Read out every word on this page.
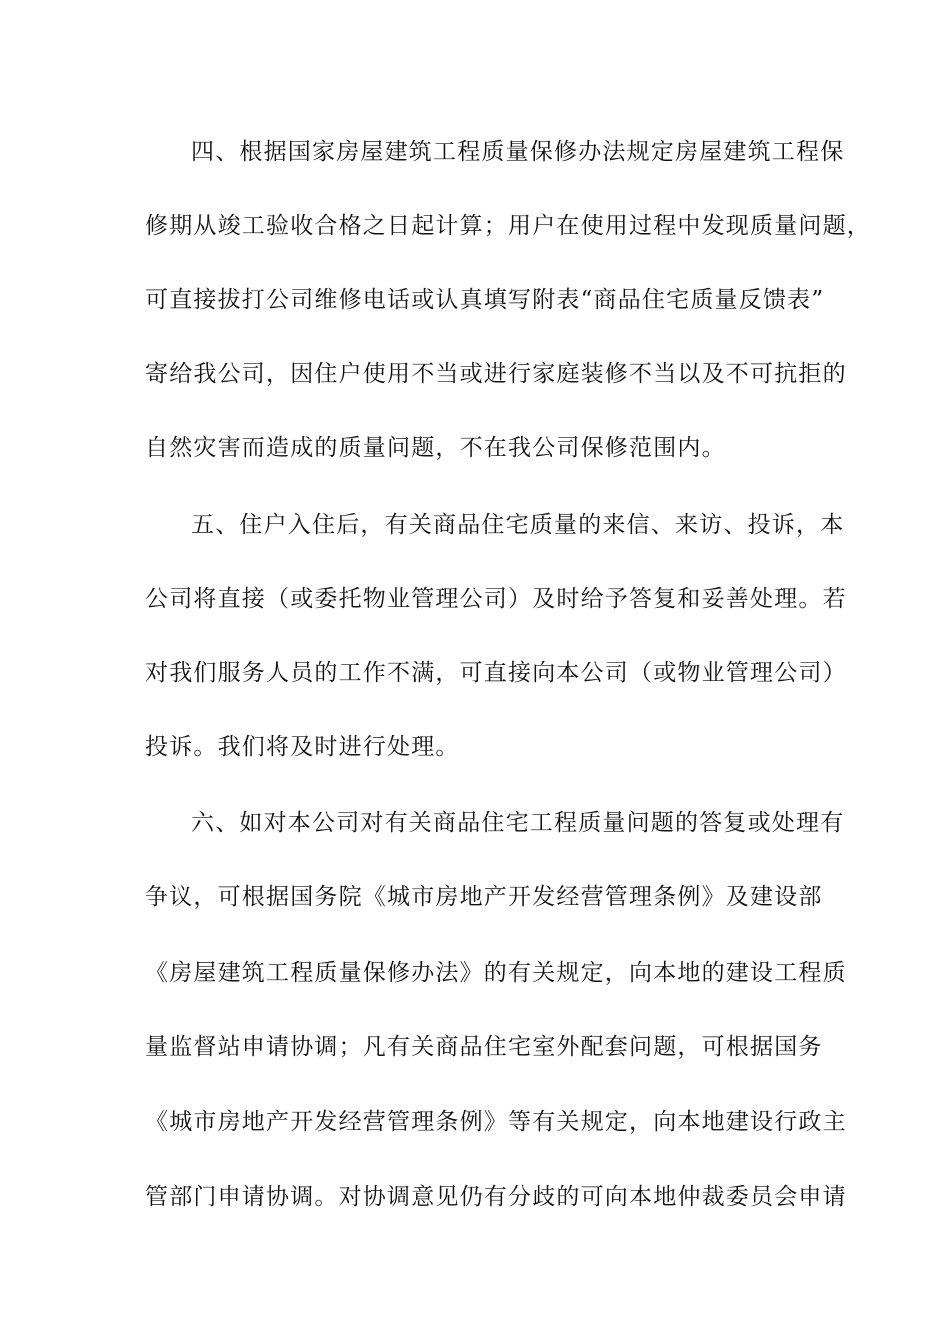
四、根据国家房屋建筑工程质量保修办法规定房屋建筑工程保
修期从竣工验收合格之日起计算；用户在使用过程中发现质量问题，
可直接拔打公司维修电话或认真填写附表“商品住宅质量反馈表”
寄给我公司，因住户使用不当或进行家庭装修不当以及不可抗拒的
自然灾害而造成的质量问题，不在我公司保修范围内。
五、住户入住后，有关商品住宅质量的来信、来访、投诉，本
公司将直接（或委托物业管理公司）及时给予答复和妥善处理。若
对我们服务人员的工作不满，可直接向本公司（或物业管理公司）
投诉。我们将及时进行处理。
六、如对本公司对有关商品住宅工程质量问题的答复或处理有
争议，可根据国务院《城市房地产开发经营管理条例》及建设部
《房屋建筑工程质量保修办法》的有关规定，向本地的建设工程质
量监督站申请协调；凡有关商品住宅室外配套问题，可根据国务
《城市房地产开发经营管理条例》等有关规定，向本地建设行政主
管部门申请协调。对协调意见仍有分歧的可向本地仲裁委员会申请
